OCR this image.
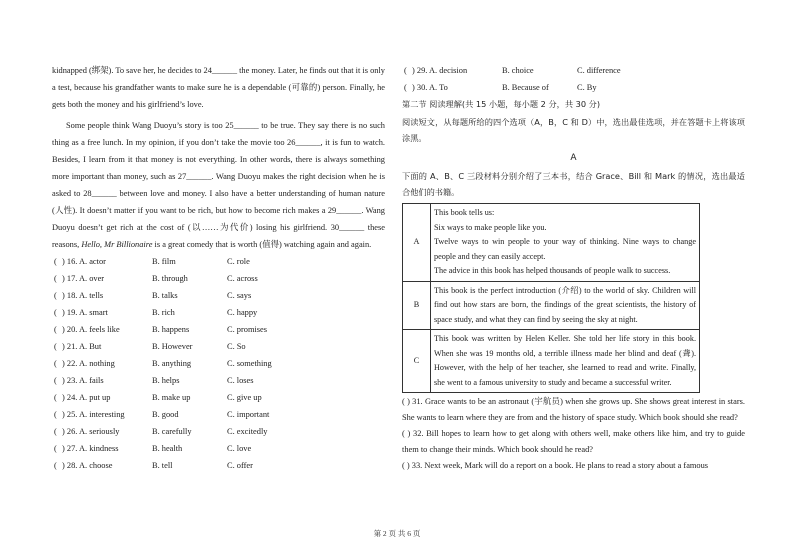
kidnapped (绑架). To save her, he decides to 24______ the money. Later, he finds out that it is only a test, because his grandfather wants to make sure he is a dependable (可靠的) person. Finally, he gets both the money and his girlfriend’s love.

Some people think Wang Duoyu’s story is too 25______ to be true. They say there is no such thing as a free lunch. In my opinion, if you don’t take the movie too 26______, it is fun to watch. Besides, I learn from it that money is not everything. In other words, there is always something more important than money, such as 27______. Wang Duoyu makes the right decision when he is asked to 28______ between love and money. I also have a better understanding of human nature (人性). It doesn’t matter if you want to be rich, but how to become rich makes a 29______. Wang Duoyu doesn’t get rich at the cost of (以……为代价) losing his girlfriend. 30______ these reasons, Hello, Mr Billionaire is a great comedy that is worth (值得) watching again and again.

( ) 16. A. actor	B. film	C. role
( ) 17. A. over	B. through	C. across
( ) 18. A. tells	B. talks	C. says
( ) 19. A. smart	B. rich	C. happy
( ) 20. A. feels like	B. happens	C. promises
( ) 21. A. But	B. However	C. So
( ) 22. A. nothing	B. anything	C. something
( ) 23. A. fails	B. helps	C. loses
( ) 24. A. put up	B. make up	C. give up
( ) 25. A. interesting	B. good	C. important
( ) 26. A. seriously	B. carefully	C. excitedly
( ) 27. A. kindness	B. health	C. love
( ) 28. A. choose	B. tell	C. offer
( ) 29. A. decision	B. choice	C. difference
( ) 30. A. To	B. Because of	C. By

第二节 阅读理解(共 15 小题，每小题 2 分，共 30 分)

阅读短文，从每题所给的四个选项（A，B，C 和 D）中，选出最佳选项，并在答题卡上将该项涂黑。

A

下面的 A、B、C 三段材料分别介绍了三本书，结合 Grace、Bill 和 Mark 的情况，选出最适合他们的书籍。

A	This book tells us:
Six ways to make people like you.
Twelve ways to win people to your way of thinking. Nine ways to change people and they can easily accept.
The advice in this book has helped thousands of people walk to success.

B	This book is the perfect introduction (介绍) to the world of sky. Children will find out how stars are born, the findings of the great scientists, the history of space study, and what they can find by seeing the sky at night.

C	This book was written by Helen Keller. She told her life story in this book. When she was 19 months old, a terrible illness made her blind and deaf (聋). However, with the help of her teacher, she learned to read and write. Finally, she went to a famous university to study and became a successful writer.

( ) 31. Grace wants to be an astronaut (宇航员) when she grows up. She shows great interest in stars. She wants to learn where they are from and the history of space study. Which book should she read?

( ) 32. Bill hopes to learn how to get along with others well, make others like him, and try to guide them to change their minds. Which book should he read?

( ) 33. Next week, Mark will do a report on a book. He plans to read a story about a famous

第 2 页 共 6 页
